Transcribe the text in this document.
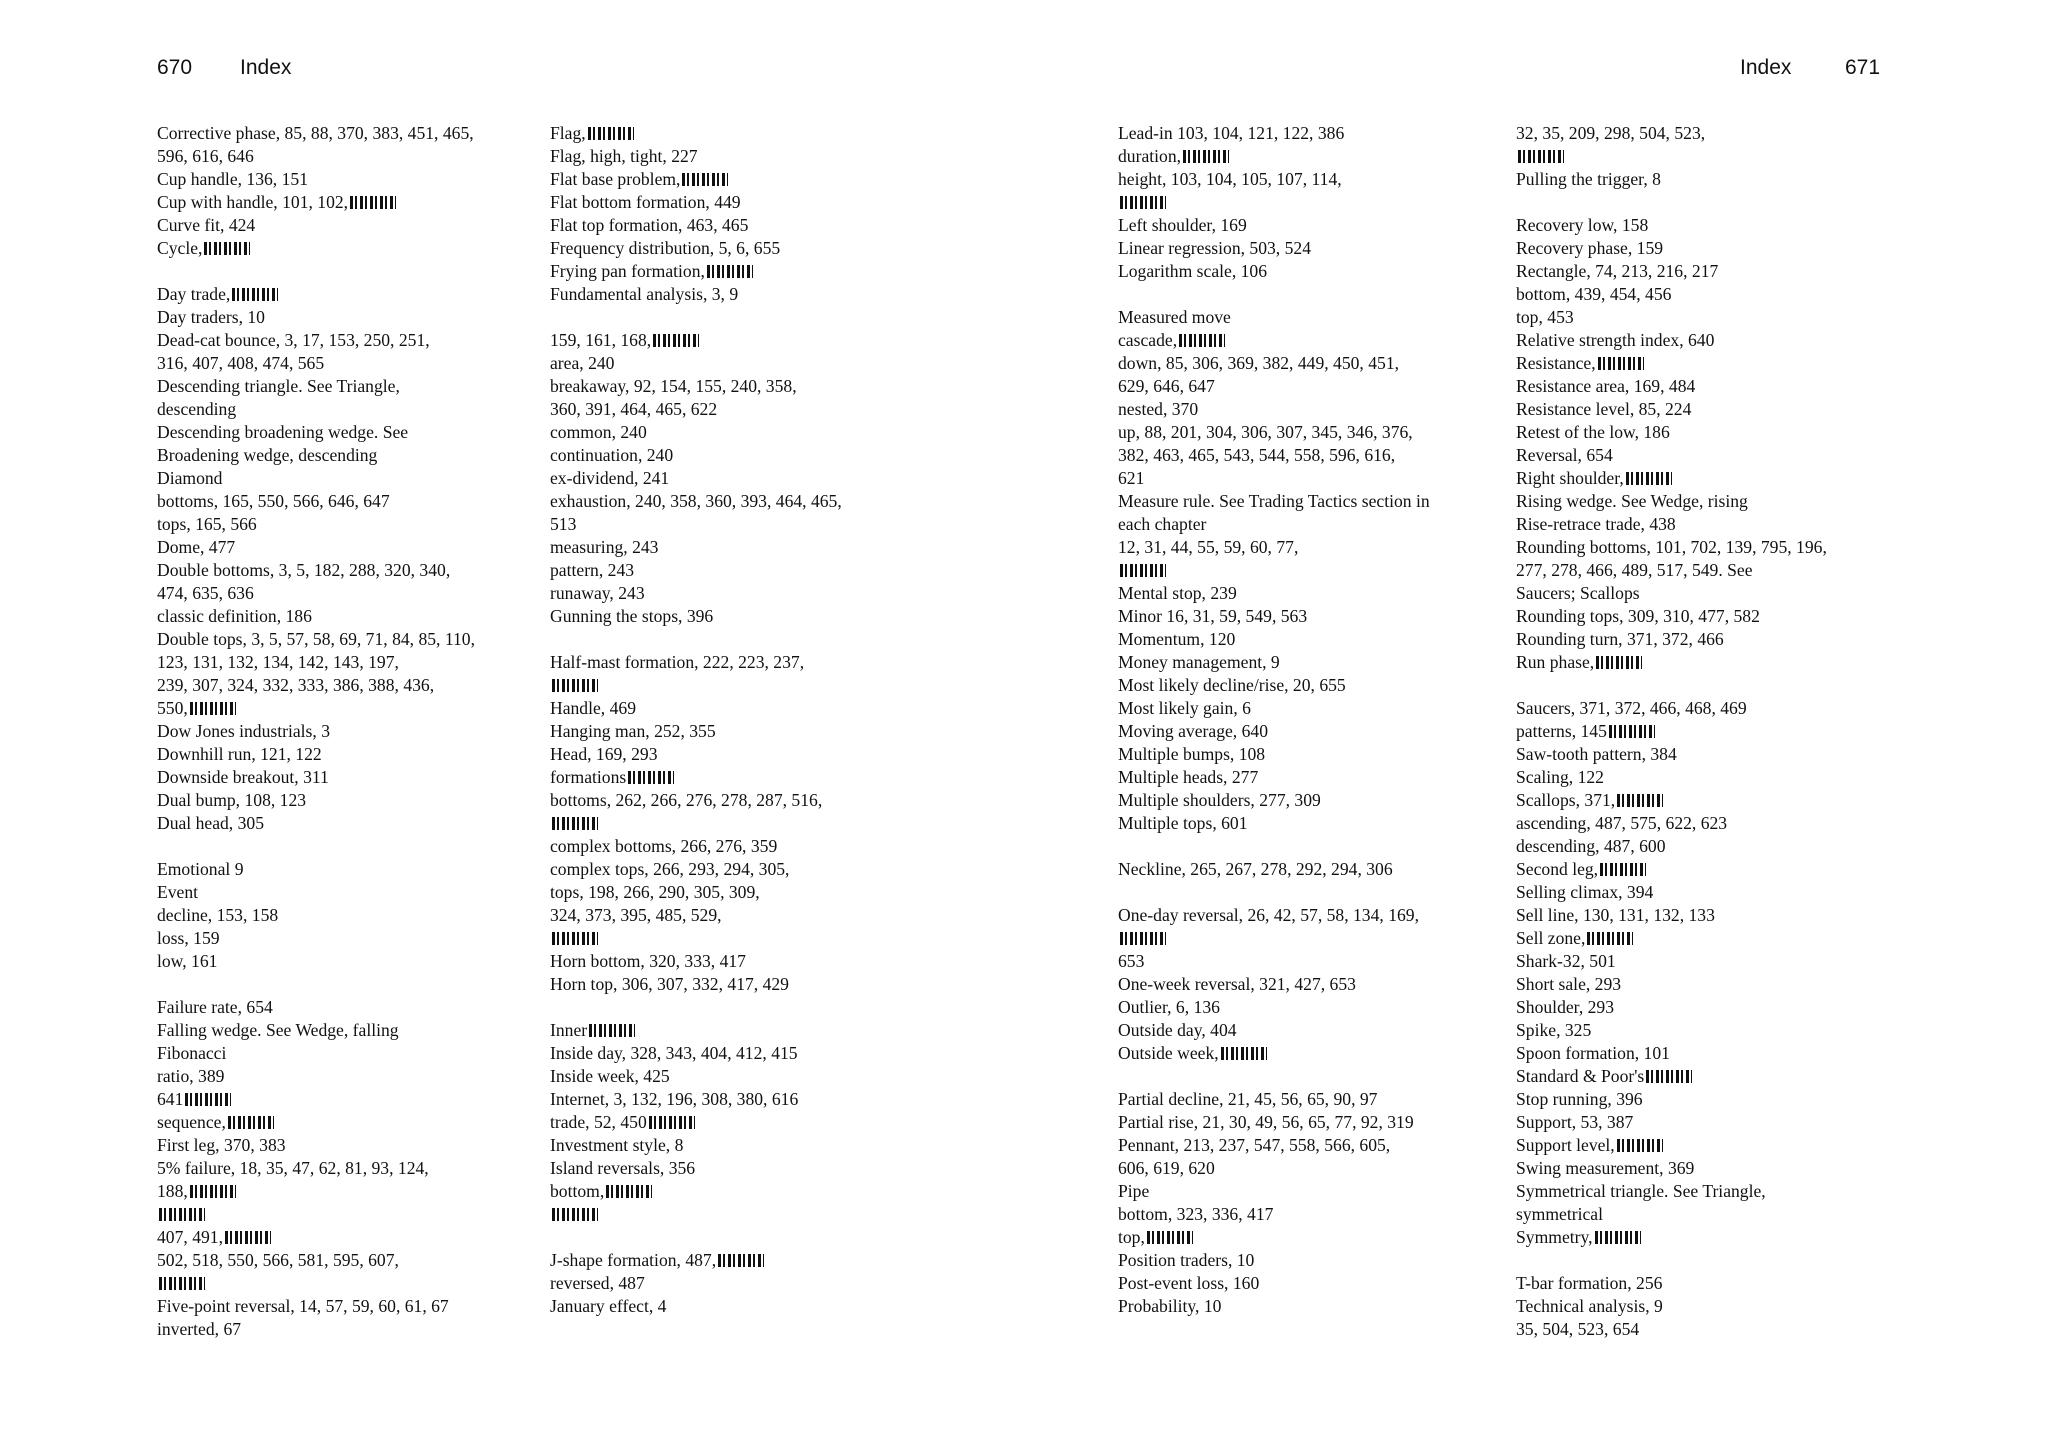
670 Index	Index	671
Corrective phase, 85, 88, 370, 383, 451, 465,
596, 616, 646
Cup handle, 136, 151
Cup with handle, 101, 102,
Curve fit, 424
Cycle,
Day trade,
Day traders, 10
Dead-cat bounce, 3, 17, 153, 250, 251,
316, 407, 408, 474, 565
Descending triangle. See Triangle,
descending
Descending broadening wedge. See
Broadening wedge, descending
Diamond
bottoms, 165, 550, 566, 646, 647
tops, 165, 566
Dome, 477
Double bottoms, 3, 5, 182, 288, 320, 340,
474, 635, 636
classic definition, 186
Double tops, 3, 5, 57, 58, 69, 71, 84, 85, 110,
123, 131, 132, 134, 142, 143, 197,
239, 307, 324, 332, 333, 386, 388, 436,
550,
Dow Jones industrials, 3
Downhill run, 121, 122
Downside breakout, 311
Dual bump, 108, 123
Dual head, 305
Emotional 9
Event
decline, 153, 158
loss, 159
low, 161
Failure rate, 654
Falling wedge. See Wedge, falling
Fibonacci
ratio, 389
641
sequence,
First leg, 370, 383
5% failure, 18, 35, 47, 62, 81, 93, 124,
188,
407, 491,
502, 518, 550, 566, 581, 595, 607,
Five-point reversal, 14, 57, 59, 60, 61, 67
inverted, 67
Flag,
Flag, high, tight, 227
Flat base problem,
Flat bottom formation, 449
Flat top formation, 463, 465
Frequency distribution, 5, 6, 655
Frying pan formation,
Fundamental analysis, 3, 9
159, 161, 168,
area, 240
breakaway, 92, 154, 155, 240, 358,
360, 391, 464, 465, 622
common, 240
continuation, 240
ex-dividend, 241
exhaustion, 240, 358, 360, 393, 464, 465,
513
measuring, 243
pattern, 243
runaway, 243
Gunning the stops, 396
Half-mast formation, 222, 223, 237,
Handle, 469
Hanging man, 252, 355
Head, 169, 293
formations
bottoms, 262, 266, 276, 278, 287, 516,
complex bottoms, 266, 276, 359
complex tops, 266, 293, 294, 305,
tops, 198, 266, 290, 305, 309,
324, 373, 395, 485, 529,
Horn bottom, 320, 333, 417
Horn top, 306, 307, 332, 417, 429
Inner
Inside day, 328, 343, 404, 412, 415
Inside week, 425
Internet, 3, 132, 196, 308, 380, 616
trade, 52, 450
Investment style, 8
Island reversals, 356
bottom,
J-shape formation, 487,
reversed, 487
January effect, 4
Lead-in 103, 104, 121, 122, 386
duration,
height, 103, 104, 105, 107, 114,
Left shoulder, 169
Linear regression, 503, 524
Logarithm scale, 106
Measured move
cascade,
down, 85, 306, 369, 382, 449, 450, 451,
629, 646, 647
nested, 370
up, 88, 201, 304, 306, 307, 345, 346, 376,
382, 463, 465, 543, 544, 558, 596, 616,
621
Measure rule. See Trading Tactics section in
each chapter
12, 31, 44, 55, 59, 60, 77,
Mental stop, 239
Minor 16, 31, 59, 549, 563
Momentum, 120
Money management, 9
Most likely decline/rise, 20, 655
Most likely gain, 6
Moving average, 640
Multiple bumps, 108
Multiple heads, 277
Multiple shoulders, 277, 309
Multiple tops, 601
Neckline, 265, 267, 278, 292, 294, 306
One-day reversal, 26, 42, 57, 58, 134, 169,
653
One-week reversal, 321, 427, 653
Outlier, 6, 136
Outside day, 404
Outside week,
Partial decline, 21, 45, 56, 65, 90, 97
Partial rise, 21, 30, 49, 56, 65, 77, 92, 319
Pennant, 213, 237, 547, 558, 566, 605,
606, 619, 620
Pipe
bottom, 323, 336, 417
top,
Position traders, 10
Post-event loss, 160
Probability, 10
32, 35, 209, 298, 504, 523,
Pulling the trigger, 8
Recovery low, 158
Recovery phase, 159
Rectangle, 74, 213, 216, 217
bottom, 439, 454, 456
top, 453
Relative strength index, 640
Resistance,
Resistance area, 169, 484
Resistance level, 85, 224
Retest of the low, 186
Reversal, 654
Right shoulder,
Rising wedge. See Wedge, rising
Rise-retrace trade, 438
Rounding bottoms, 101, 702, 139, 795, 196,
277, 278, 466, 489, 517, 549. See
Saucers; Scallops
Rounding tops, 309, 310, 477, 582
Rounding turn, 371, 372, 466
Run phase,
Saucers, 371, 372, 466, 468, 469
patterns, 145
Saw-tooth pattern, 384
Scaling, 122
Scallops, 371,
ascending, 487, 575, 622, 623
descending, 487, 600
Second leg,
Selling climax, 394
Sell line, 130, 131, 132, 133
Sell zone,
Shark-32, 501
Short sale, 293
Shoulder, 293
Spike, 325
Spoon formation, 101
Standard & Poor's
Stop running, 396
Support, 53, 387
Support level,
Swing measurement, 369
Symmetrical triangle. See Triangle,
symmetrical
Symmetry,
T-bar formation, 256
Technical analysis, 9
35, 504, 523, 654
